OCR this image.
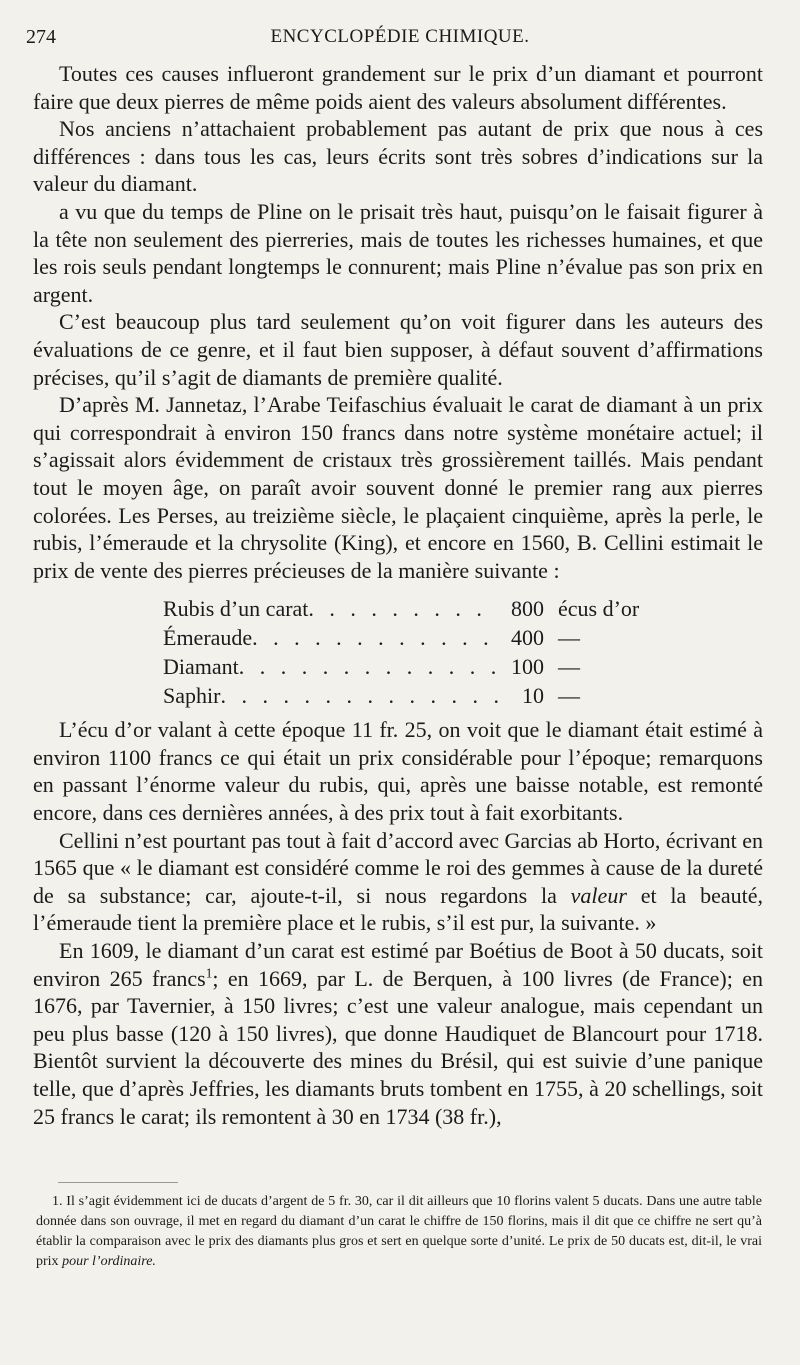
274	ENCYCLOPÉDIE CHIMIQUE.

Toutes ces causes influeront grandement sur le prix d’un diamant et pourront faire que deux pierres de même poids aient des valeurs absolument différentes.

Nos anciens n’attachaient probablement pas autant de prix que nous à ces différences : dans tous les cas, leurs écrits sont très sobres d’indications sur la valeur du diamant.

a vu que du temps de Pline on le prisait très haut, puisqu’on le faisait figurer à la tête non seulement des pierreries, mais de toutes les richesses humaines, et que les rois seuls pendant longtemps le connurent; mais Pline n’évalue pas son prix en argent.

C’est beaucoup plus tard seulement qu’on voit figurer dans les auteurs des évaluations de ce genre, et il faut bien supposer, à défaut souvent d’affirmations précises, qu’il s’agit de diamants de première qualité.

D’après M. Jannetaz, l’Arabe Teifaschius évaluait le carat de diamant à un prix qui correspondrait à environ 150 francs dans notre système monétaire actuel; il s’agissait alors évidemment de cristaux très grossièrement taillés. Mais pendant tout le moyen âge, on paraît avoir souvent donné le premier rang aux pierres colorées. Les Perses, au treizième siècle, le plaçaient cinquième, après la perle, le rubis, l’émeraude et la chrysolite (King), et encore en 1560, B. Cellini estimait le prix de vente des pierres précieuses de la manière suivante :

Rubis d’un carat . . .	800 écus d’or
Émeraude . . .	400 —
Diamant . . .	100 —
Saphir . . .	10 —

L’écu d’or valant à cette époque 11 fr. 25, on voit que le diamant était estimé à environ 1100 francs ce qui était un prix considérable pour l’époque; remarquons en passant l’énorme valeur du rubis, qui, après une baisse notable, est remonté encore, dans ces dernières années, à des prix tout à fait exorbitants.

Cellini n’est pourtant pas tout à fait d’accord avec Garcias ab Horto, écrivant en 1565 que « le diamant est considéré comme le roi des gemmes à cause de la dureté de sa substance; car, ajoute-t-il, si nous regardons la valeur et la beauté, l’émeraude tient la première place et le rubis, s’il est pur, la suivante. »

En 1609, le diamant d’un carat est estimé par Boétius de Boot à 50 ducats, soit environ 265 francs$^1$; en 1669, par L. de Berquen, à 100 livres (de France); en 1676, par Tavernier, à 150 livres; c’est une valeur analogue, mais cependant un peu plus basse (120 à 150 livres), que donne Haudiquet de Blancourt pour 1718. Bientôt survient la découverte des mines du Brésil, qui est suivie d’une panique telle, que d’après Jeffries, les diamants bruts tombent en 1755, à 20 schellings, soit 25 francs le carat; ils remontent à 30 en 1734 (38 fr.),

1. Il s’agit évidemment ici de ducats d’argent de 5 fr. 30, car il dit ailleurs que 10 florins valent 5 ducats. Dans une autre table donnée dans son ouvrage, il met en regard du diamant d’un carat le chiffre de 150 florins, mais il dit que ce chiffre ne sert qu’à établir la comparaison avec le prix des diamants plus gros et sert en quelque sorte d’unité. Le prix de 50 ducats est, dit-il, le vrai prix pour l’ordinaire.
